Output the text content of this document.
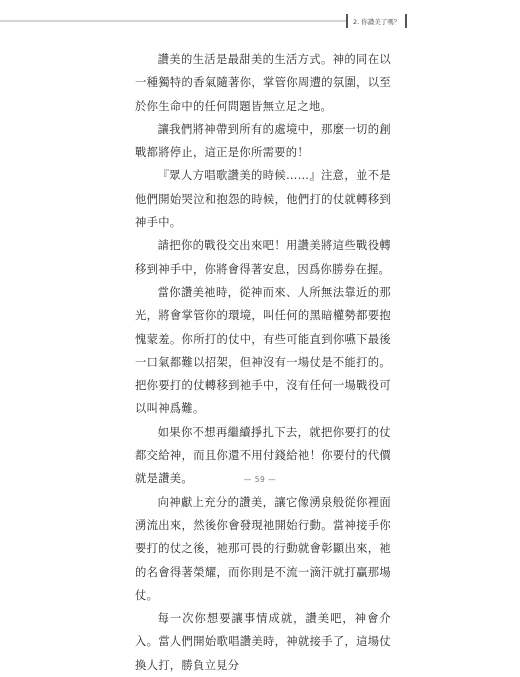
2. 你讚美了嗎？

讚美的生活是最甜美的生活方式。神的同在以一種獨特的香氣隨著你，掌管你周遭的氛圍，以至於你生命中的任何問題皆無立足之地。

讓我們將神帶到所有的處境中，那麼一切的創戰都將停止，這正是你所需要的！

『眾人方唱歌讚美的時候……』注意，並不是他們開始哭泣和抱怨的時候，他們打的仗就轉移到神手中。

請把你的戰役交出來吧！用讚美將這些戰役轉移到神手中，你將會得著安息，因爲你勝券在握。

當你讚美祂時，從神而來、人所無法靠近的那光，將會掌管你的環境，叫任何的黑暗權勢都要抱愧蒙羞。你所打的仗中，有些可能直到你嚥下最後一口氣都難以招架，但神沒有一場仗是不能打的。把你要打的仗轉移到祂手中，沒有任何一場戰役可以叫神爲難。

如果你不想再繼續掙扎下去，就把你要打的仗都交給神，而且你還不用付錢給祂！你要付的代價就是讚美。

向神獻上充分的讚美，讓它像湧泉般從你裡面湧流出來，然後你會發現祂開始行動。當神接手你要打的仗之後，祂那可畏的行動就會彰顯出來，祂的名會得著榮耀，而你則是不流一滴汗就打贏那場仗。

每一次你想要讓事情成就，讚美吧，神會介入。當人們開始歌唱讚美時，神就接手了，這場仗換人打，勝負立見分

— 59 —
